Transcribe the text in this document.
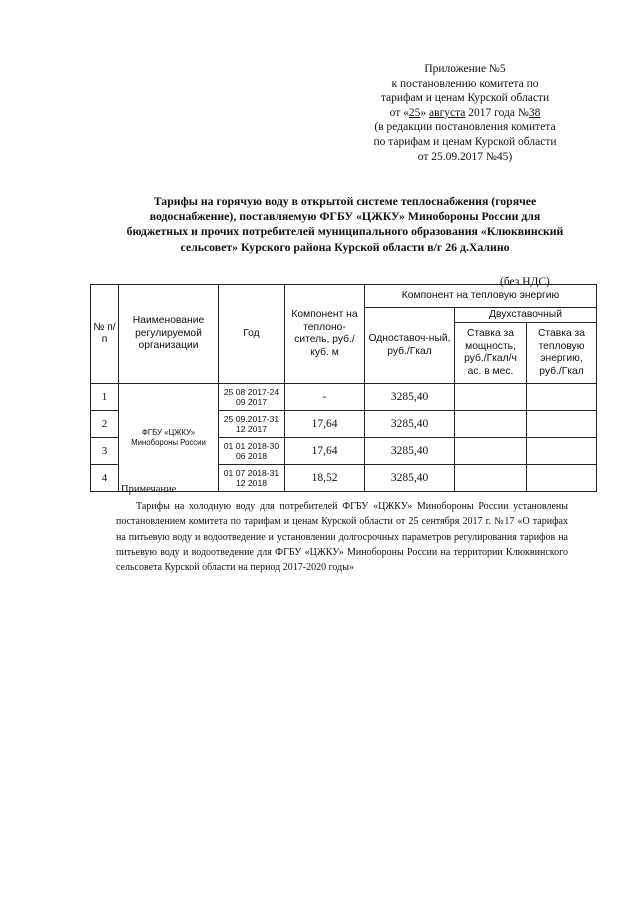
Приложение №5
к постановлению комитета по
тарифам и ценам Курской области
от «25» августа 2017 года №38
(в редакции постановления комитета
по тарифам и ценам Курской области
от 25.09.2017 №45)
Тарифы на горячую воду в открытой системе теплоснабжения (горячее
водоснабжение), поставляемую ФГБУ «ЦЖКУ» Минобороны России для
бюджетных и прочих потребителей муниципального образования «Клюквинский
сельсовет» Курского района Курской области в/г 26 д.Халино
(без НДС)
№ п/п	Наименование регулируемой организации	Год	Компонент на теплоно-ситель, руб./куб. м	Компонент на тепловую энергию		
				Одноставоч-ный, руб./Гкал	Двухставочный	
					Ставка за мощность, руб./Гкал/ч ас. в мес.	Ставка за тепловую энергию, руб./Гкал
1	ФГБУ «ЦЖКУ» Минобороны России	25 08 2017-24 09 2017	-	3285,40		
2		25 09.2017-31 12 2017	17,64	3285,40		
3		01 01 2018-30 06 2018	17,64	3285,40		
4		01 07 2018-31 12 2018	18,52	3285,40		
Примечание

Тарифы на холодную воду для потребителей ФГБУ «ЦЖКУ» Минобороны России установлены постановлением комитета по тарифам и ценам Курской области от 25 сентября 2017 г. №17 «О тарифах на питьевую воду и водоотведение и установлении долгосрочных параметров регулирования тарифов на питьевую воду и водоотведение для ФГБУ «ЦЖКУ» Минобороны России на территории Клюквинского сельсовета Курской области на период 2017-2020 годы»
